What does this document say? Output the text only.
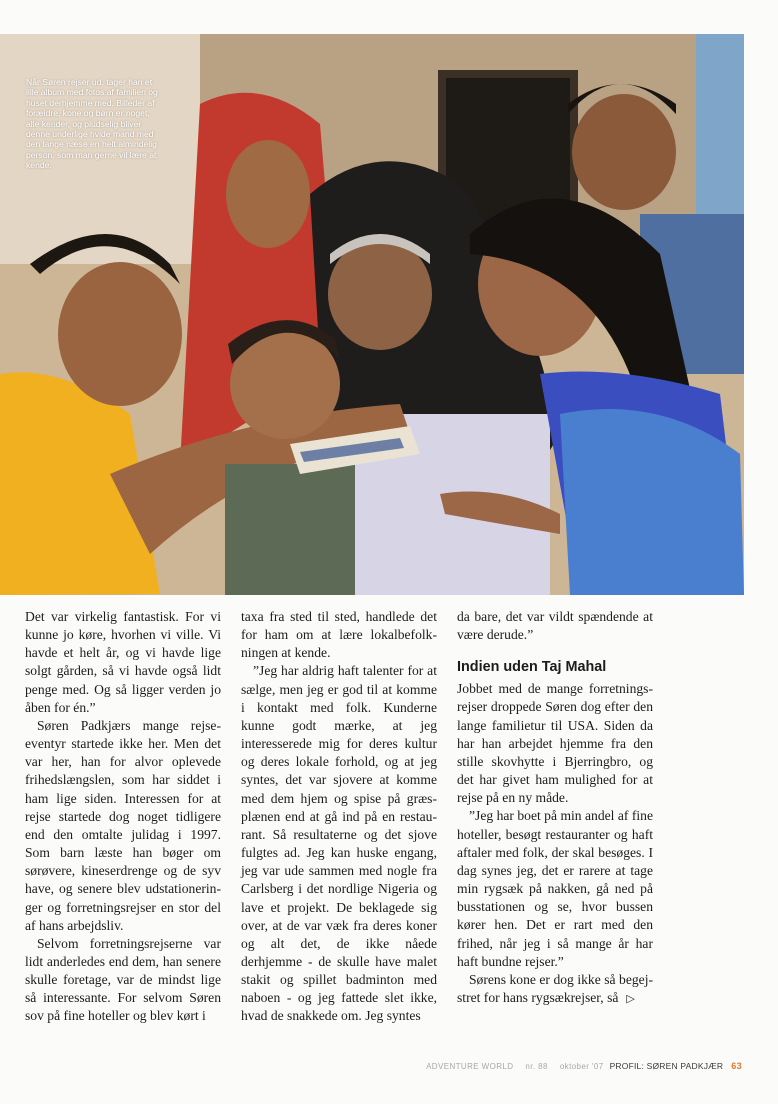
Når Søren rejser ud, tager han et lille album med fotos af familien og huset derhjemme med. Billeder af forældre, kone og børn er noget, alle kender, og pludselig bliver denne underlige hvide mand med den lange næse en helt almindelig person, som man gerne vil lære at kende.

Det var virkelig fantastisk. For vi kunne jo køre, hvorhen vi ville. Vi havde et helt år, og vi havde lige solgt gården, så vi havde også lidt penge med. Og så ligger verden jo åben for én.”

Søren Padkjærs mange rejseeventyr startede ikke her. Men det var her, han for alvor oplevede frihedslængslen, som har siddet i ham lige siden. Interessen for at rejse startede dog noget tidligere end den omtalte julidag i 1997. Som barn læste han bøger om sørøvere, kineserdrenge og de syv have, og senere blev udstationeringer og forretningsrejser en stor del af hans arbejdsliv.

Selvom forretningsrejserne var lidt anderledes end dem, han senere skulle foretage, var de mindst lige så interessante. For selvom Søren sov på fine hoteller og blev kørt i

taxa fra sted til sted, handlede det for ham om at lære lokalbefolkningen at kende.

”Jeg har aldrig haft talenter for at sælge, men jeg er god til at komme i kontakt med folk. Kunderne kunne godt mærke, at jeg interesserede mig for deres kultur og deres lokale forhold, og at jeg syntes, det var sjovere at komme med dem hjem og spise på græsplænen end at gå ind på en restaurant. Så resultaterne og det sjove fulgtes ad. Jeg kan huske engang, jeg var ude sammen med nogle fra Carlsberg i det nordlige Nigeria og lave et projekt. De beklagede sig over, at de var væk fra deres koner og alt det, de ikke nåede derhjemme - de skulle have malet stakit og spillet badminton med naboen - og jeg fattede slet ikke, hvad de snakkede om. Jeg syntes

da bare, det var vildt spændende at være derude.”

Indien uden Taj Mahal

Jobbet med de mange forretningsrejser droppede Søren dog efter den lange familietur til USA. Siden da har han arbejdet hjemme fra den stille skovhytte i Bjerringbro, og det har givet ham mulighed for at rejse på en ny måde.

”Jeg har boet på min andel af fine hoteller, besøgt restauranter og haft aftaler med folk, der skal besøges. I dag synes jeg, det er rarere at tage min rygsæk på nakken, gå ned på busstationen og se, hvor bussen kører hen. Det er rart med den frihed, når jeg i så mange år har haft bundne rejser.”

Sørens kone er dog ikke så begejstret for hans rygsækrejser, så ▷

ADVENTURE WORLD nr. 88 oktober '07 PROFIL: SØREN PADKJÆR 63
